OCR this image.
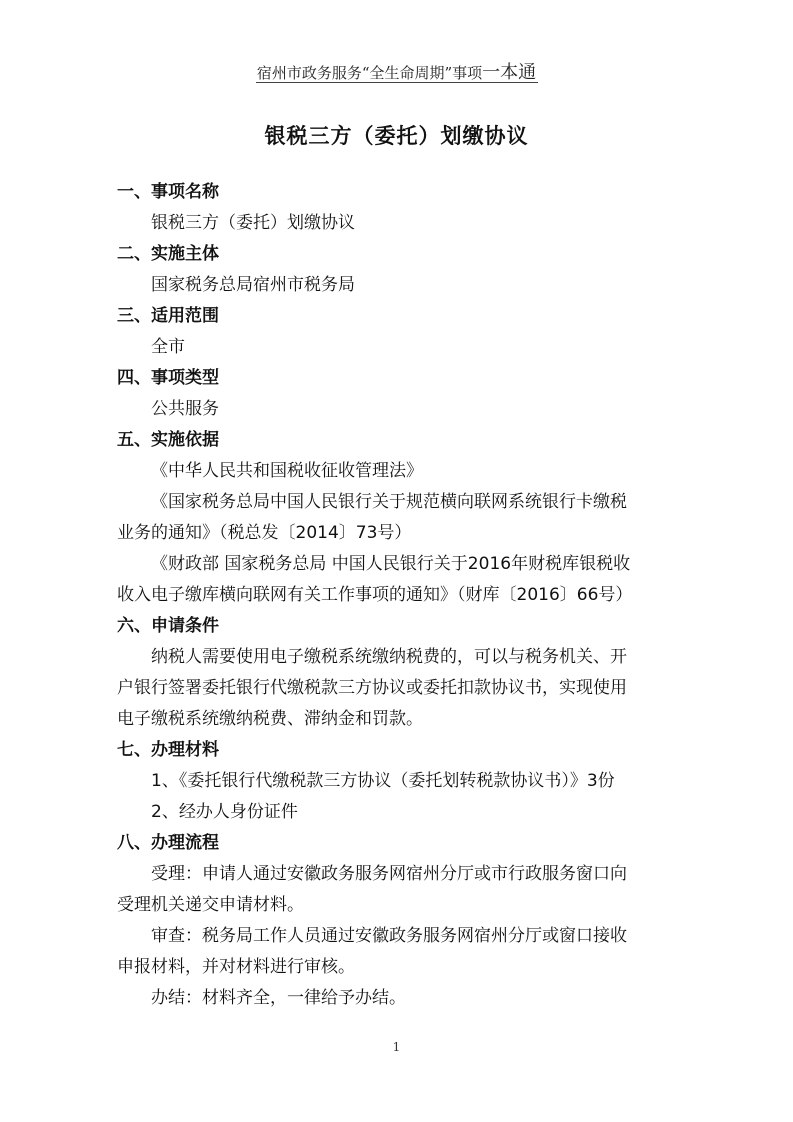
宿州市政务服务“全生命周期”事项一本通
银税三方（委托）划缴协议
一、事项名称
银税三方（委托）划缴协议
二、实施主体
国家税务总局宿州市税务局
三、适用范围
全市
四、事项类型
公共服务
五、实施依据
《中华人民共和国税收征收管理法》
《国家税务总局中国人民银行关于规范横向联网系统银行卡缴税
业务的通知》（税总发〔2014〕73号）
《财政部 国家税务总局 中国人民银行关于2016年财税库银税收
收入电子缴库横向联网有关工作事项的通知》（财库〔2016〕66号）
六、申请条件
纳税人需要使用电子缴税系统缴纳税费的，可以与税务机关、开
户银行签署委托银行代缴税款三方协议或委托扣款协议书，实现使用
电子缴税系统缴纳税费、滞纳金和罚款。
七、办理材料
1、《委托银行代缴税款三方协议（委托划转税款协议书）》3份
2、经办人身份证件
八、办理流程
受理：申请人通过安徽政务服务网宿州分厅或市行政服务窗口向
受理机关递交申请材料。
审查：税务局工作人员通过安徽政务服务网宿州分厅或窗口接收
申报材料，并对材料进行审核。
办结：材料齐全，一律给予办结。
1
